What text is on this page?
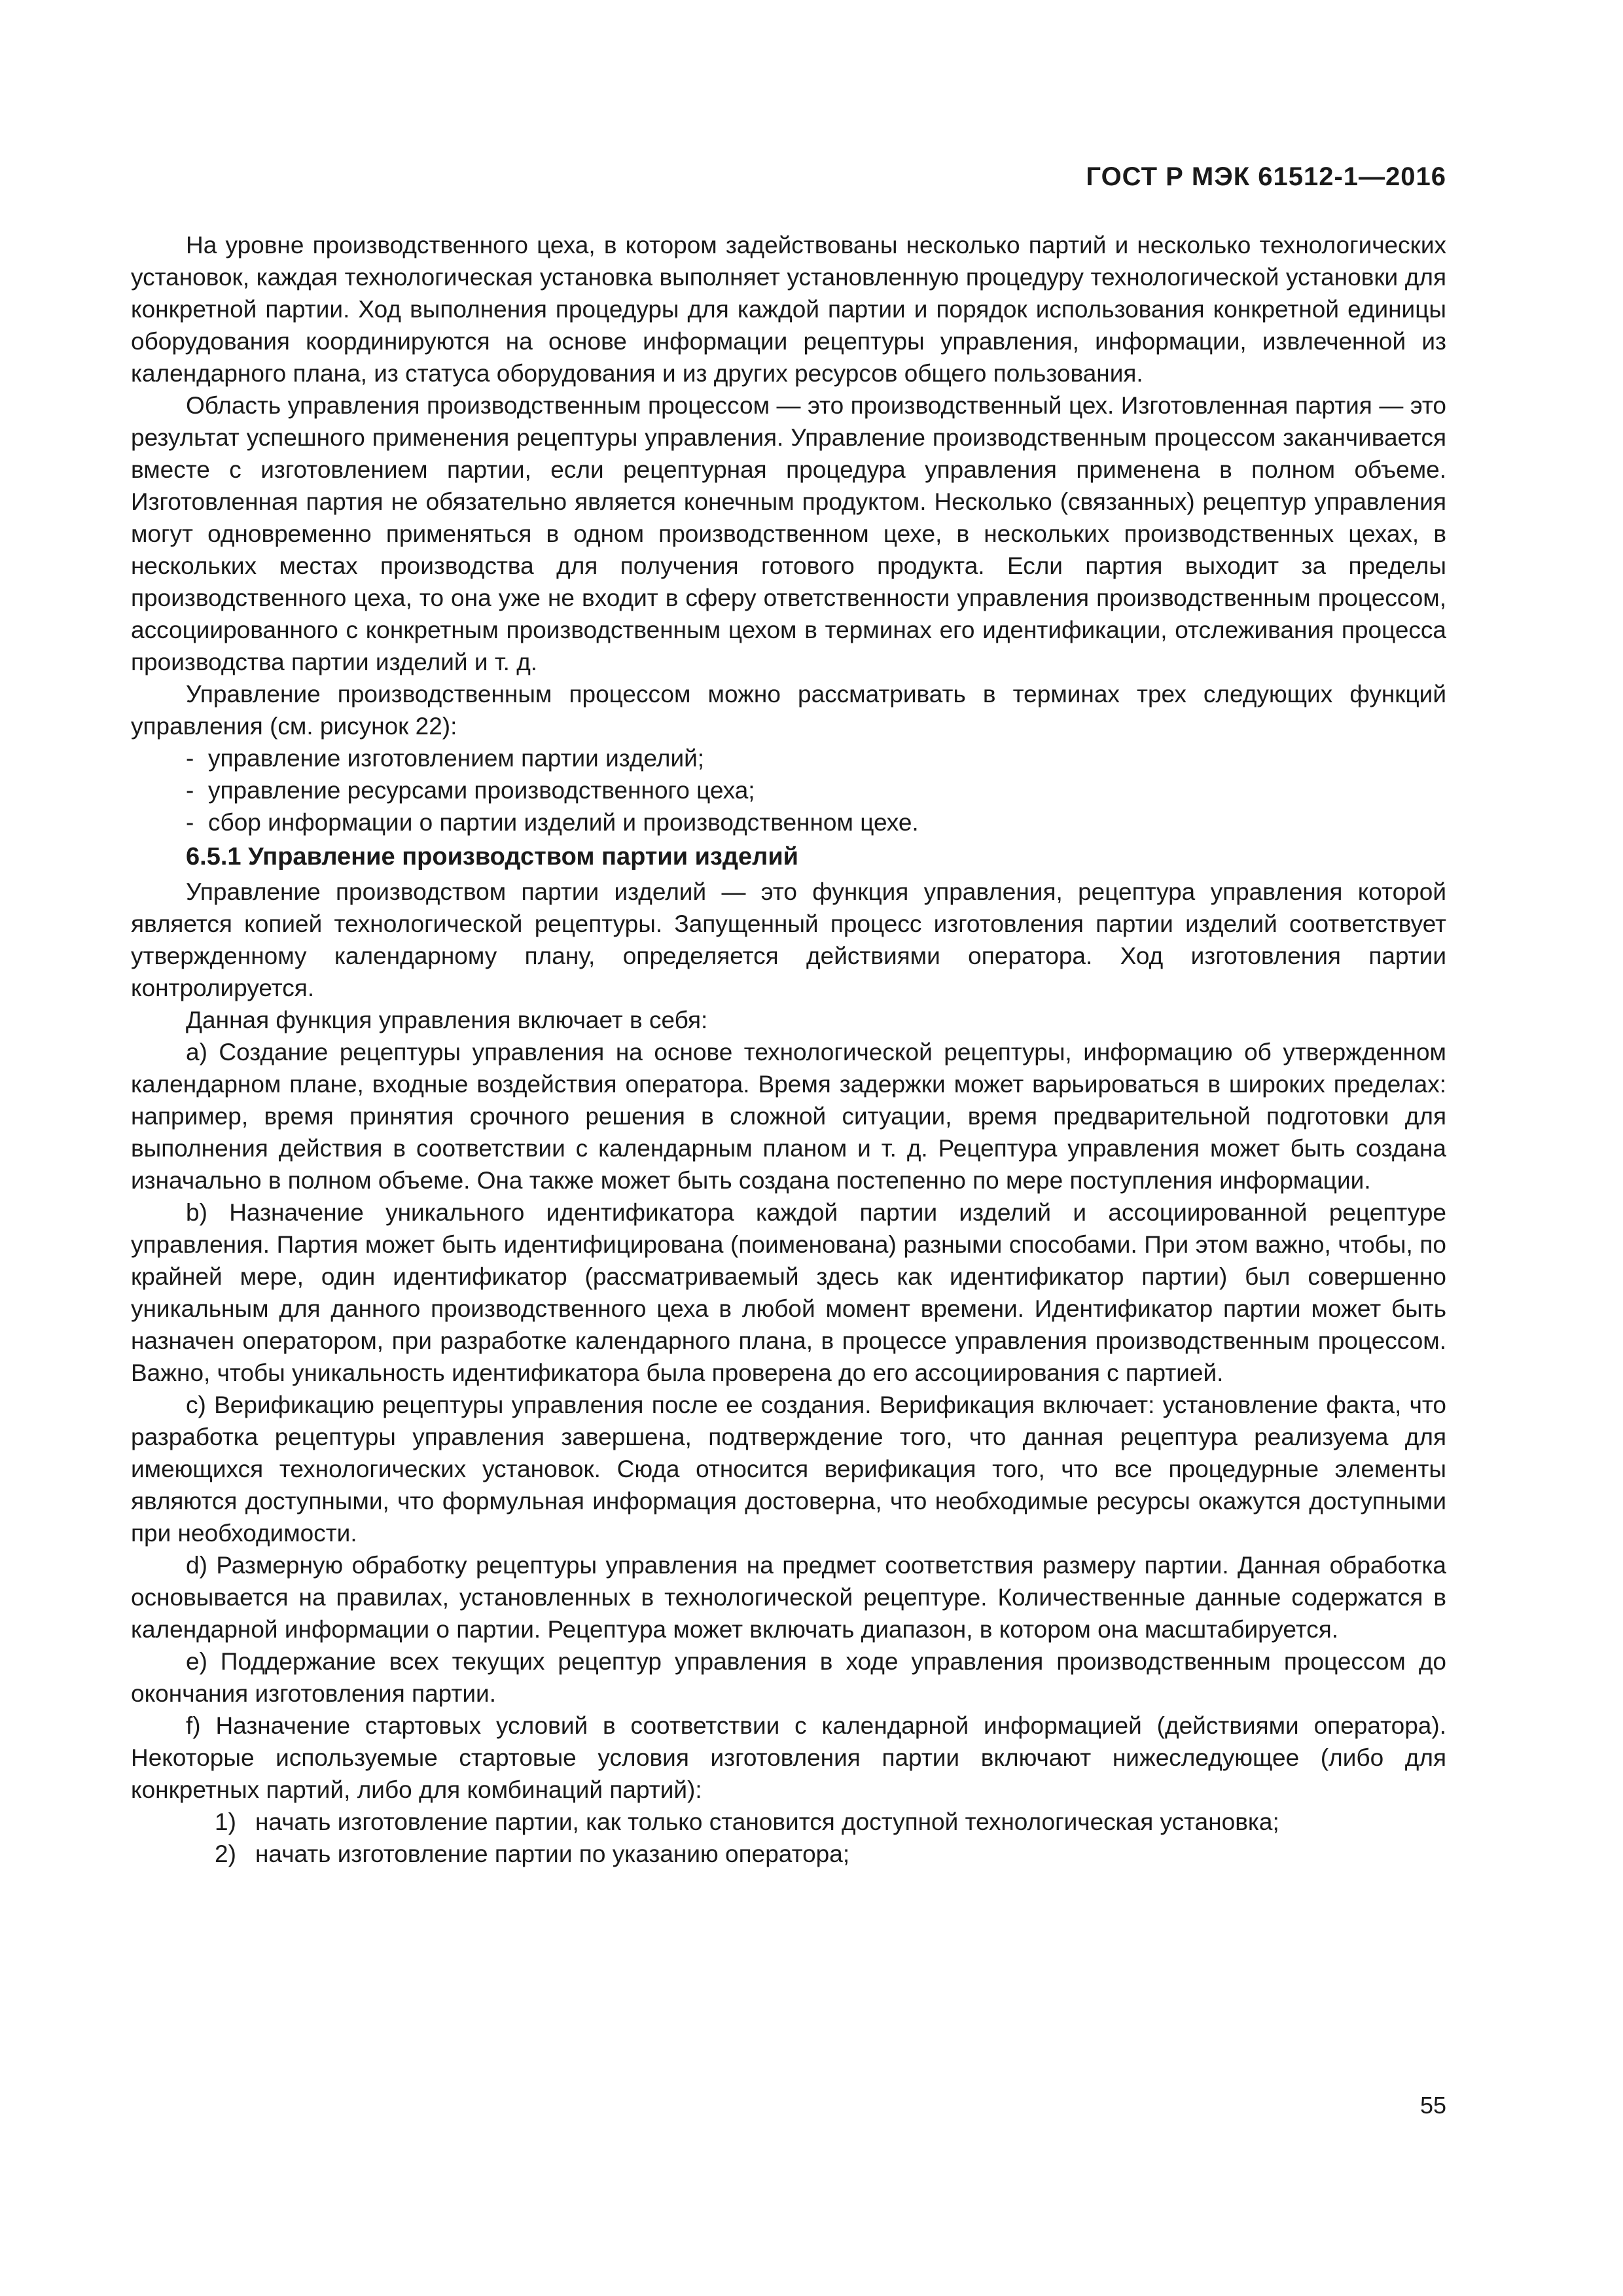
ГОСТ Р МЭК 61512-1—2016

На уровне производственного цеха, в котором задействованы несколько партий и несколько технологических установок, каждая технологическая установка выполняет установленную процедуру технологической установки для конкретной партии. Ход выполнения процедуры для каждой партии и порядок использования конкретной единицы оборудования координируются на основе информации рецептуры управления, информации, извлеченной из календарного плана, из статуса оборудования и из других ресурсов общего пользования.

Область управления производственным процессом — это производственный цех. Изготовленная партия — это результат успешного применения рецептуры управления. Управление производственным процессом заканчивается вместе с изготовлением партии, если рецептурная процедура управления применена в полном объеме. Изготовленная партия не обязательно является конечным продуктом. Несколько (связанных) рецептур управления могут одновременно применяться в одном производственном цехе, в нескольких производственных цехах, в нескольких местах производства для получения готового продукта. Если партия выходит за пределы производственного цеха, то она уже не входит в сферу ответственности управления производственным процессом, ассоциированного с конкретным производственным цехом в терминах его идентификации, отслеживания процесса производства партии изделий и т. д.

Управление производственным процессом можно рассматривать в терминах трех следующих функций управления (см. рисунок 22):

- управление изготовлением партии изделий;
- управление ресурсами производственного цеха;
- сбор информации о партии изделий и производственном цехе.
6.5.1 Управление производством партии изделий

Управление производством партии изделий — это функция управления, рецептура управления которой является копией технологической рецептуры. Запущенный процесс изготовления партии изделий соответствует утвержденному календарному плану, определяется действиями оператора. Ход изготовления партии контролируется.

Данная функция управления включает в себя:

a) Создание рецептуры управления на основе технологической рецептуры, информацию об утвержденном календарном плане, входные воздействия оператора. Время задержки может варьироваться в широких пределах: например, время принятия срочного решения в сложной ситуации, время предварительной подготовки для выполнения действия в соответствии с календарным планом и т. д. Рецептура управления может быть создана изначально в полном объеме. Она также может быть создана постепенно по мере поступления информации.

b) Назначение уникального идентификатора каждой партии изделий и ассоциированной рецептуре управления. Партия может быть идентифицирована (поименована) разными способами. При этом важно, чтобы, по крайней мере, один идентификатор (рассматриваемый здесь как идентификатор партии) был совершенно уникальным для данного производственного цеха в любой момент времени. Идентификатор партии может быть назначен оператором, при разработке календарного плана, в процессе управления производственным процессом. Важно, чтобы уникальность идентификатора была проверена до его ассоциирования с партией.

c) Верификацию рецептуры управления после ее создания. Верификация включает: установление факта, что разработка рецептуры управления завершена, подтверждение того, что данная рецептура реализуема для имеющихся технологических установок. Сюда относится верификация того, что все процедурные элементы являются доступными, что формульная информация достоверна, что необходимые ресурсы окажутся доступными при необходимости.

d) Размерную обработку рецептуры управления на предмет соответствия размеру партии. Данная обработка основывается на правилах, установленных в технологической рецептуре. Количественные данные содержатся в календарной информации о партии. Рецептура может включать диапазон, в котором она масштабируется.

e) Поддержание всех текущих рецептур управления в ходе управления производственным процессом до окончания изготовления партии.

f) Назначение стартовых условий в соответствии с календарной информацией (действиями оператора). Некоторые используемые стартовые условия изготовления партии включают нижеследующее (либо для конкретных партий, либо для комбинаций партий):

1) начать изготовление партии, как только становится доступной технологическая установка;
2) начать изготовление партии по указанию оператора;
55
